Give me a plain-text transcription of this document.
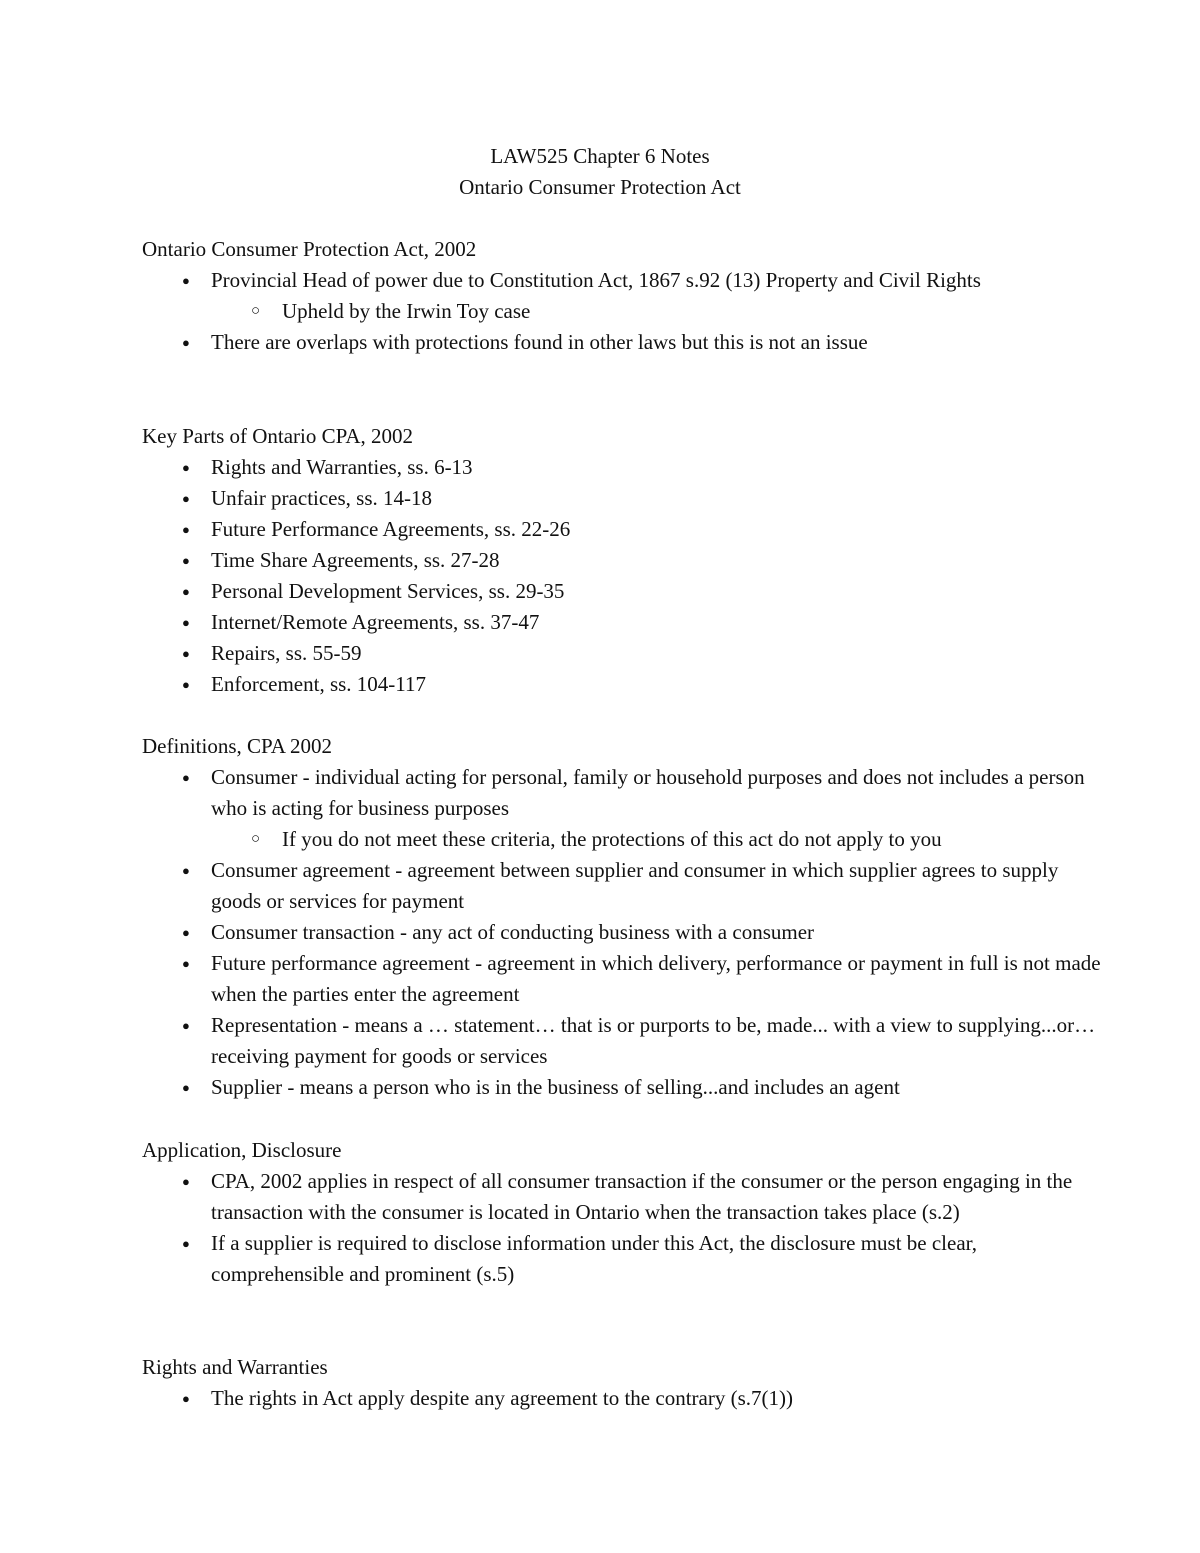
LAW525 Chapter 6 Notes
Ontario Consumer Protection Act
Ontario Consumer Protection Act, 2002
● Provincial Head of power due to Constitution Act, 1867 s.92 (13) Property and Civil Rights
○ Upheld by the Irwin Toy case
● There are overlaps with protections found in other laws but this is not an issue
Key Parts of Ontario CPA, 2002
● Rights and Warranties, ss. 6-13
● Unfair practices, ss. 14-18
● Future Performance Agreements, ss. 22-26
● Time Share Agreements, ss. 27-28
● Personal Development Services, ss. 29-35
● Internet/Remote Agreements, ss. 37-47
● Repairs, ss. 55-59
● Enforcement, ss. 104-117
Definitions, CPA 2002
● Consumer - individual acting for personal, family or household purposes and does not includes a person who is acting for business purposes
○ If you do not meet these criteria, the protections of this act do not apply to you
● Consumer agreement - agreement between supplier and consumer in which supplier agrees to supply goods or services for payment
● Consumer transaction - any act of conducting business with a consumer
● Future performance agreement - agreement in which delivery, performance or payment in full is not made when the parties enter the agreement
● Representation - means a … statement… that is or purports to be, made... with a view to supplying...or… receiving payment for goods or services
● Supplier - means a person who is in the business of selling...and includes an agent
Application, Disclosure
● CPA, 2002 applies in respect of all consumer transaction if the consumer or the person engaging in the transaction with the consumer is located in Ontario when the transaction takes place (s.2)
● If a supplier is required to disclose information under this Act, the disclosure must be clear, comprehensible and prominent (s.5)
Rights and Warranties
● The rights in Act apply despite any agreement to the contrary (s.7(1))
